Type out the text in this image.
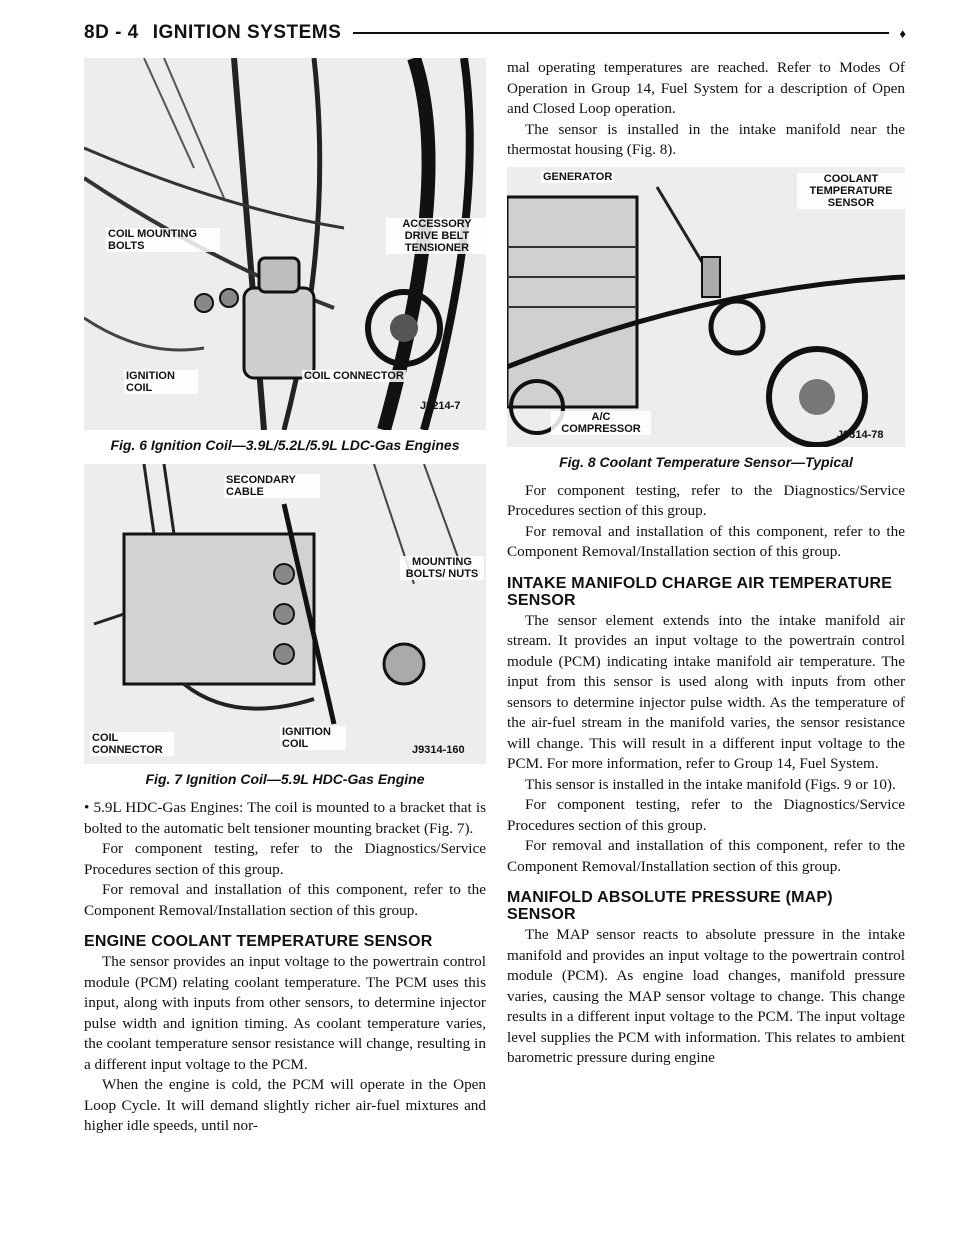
8D - 4 IGNITION SYSTEMS	♦
COIL MOUNTING BOLTS
ACCESSORY DRIVE BELT TENSIONER
IGNITION COIL
COIL CONNECTOR
J9214-7
Fig. 6 Ignition Coil—3.9L/5.2L/5.9L LDC-Gas Engines
SECONDARY CABLE
MOUNTING BOLTS/ NUTS
COIL CONNECTOR
IGNITION COIL	J9314-160
Fig. 7 Ignition Coil—5.9L HDC-Gas Engine

• 5.9L HDC-Gas Engines: The coil is mounted to a bracket that is bolted to the automatic belt tensioner mounting bracket (Fig. 7).

For component testing, refer to the Diagnostics/Service Procedures section of this group.

For removal and installation of this component, refer to the Component Removal/Installation section of this group.

ENGINE COOLANT TEMPERATURE SENSOR

The sensor provides an input voltage to the powertrain control module (PCM) relating coolant temperature. The PCM uses this input, along with inputs from other sensors, to determine injector pulse width and ignition timing. As coolant temperature varies, the coolant temperature sensor resistance will change, resulting in a different input voltage to the PCM.

When the engine is cold, the PCM will operate in the Open Loop Cycle. It will demand slightly richer air-fuel mixtures and higher idle speeds, until nor-

mal operating temperatures are reached. Refer to Modes Of Operation in Group 14, Fuel System for a description of Open and Closed Loop operation.

The sensor is installed in the intake manifold near the thermostat housing (Fig. 8).

GENERATOR	COOLANT TEMPERATURE SENSOR
A/C COMPRESSOR	J9314-78
Fig. 8 Coolant Temperature Sensor—Typical

For component testing, refer to the Diagnostics/Service Procedures section of this group.

For removal and installation of this component, refer to the Component Removal/Installation section of this group.

INTAKE MANIFOLD CHARGE AIR TEMPERATURE SENSOR

The sensor element extends into the intake manifold air stream. It provides an input voltage to the powertrain control module (PCM) indicating intake manifold air temperature. The input from this sensor is used along with inputs from other sensors to determine injector pulse width. As the temperature of the air-fuel stream in the manifold varies, the sensor resistance will change. This will result in a different input voltage to the PCM. For more information, refer to Group 14, Fuel System.

This sensor is installed in the intake manifold (Figs. 9 or 10).

For component testing, refer to the Diagnostics/Service Procedures section of this group.

For removal and installation of this component, refer to the Component Removal/Installation section of this group.

MANIFOLD ABSOLUTE PRESSURE (MAP) SENSOR

The MAP sensor reacts to absolute pressure in the intake manifold and provides an input voltage to the powertrain control module (PCM). As engine load changes, manifold pressure varies, causing the MAP sensor voltage to change. This change results in a different input voltage to the PCM. The input voltage level supplies the PCM with information. This relates to ambient barometric pressure during engine
